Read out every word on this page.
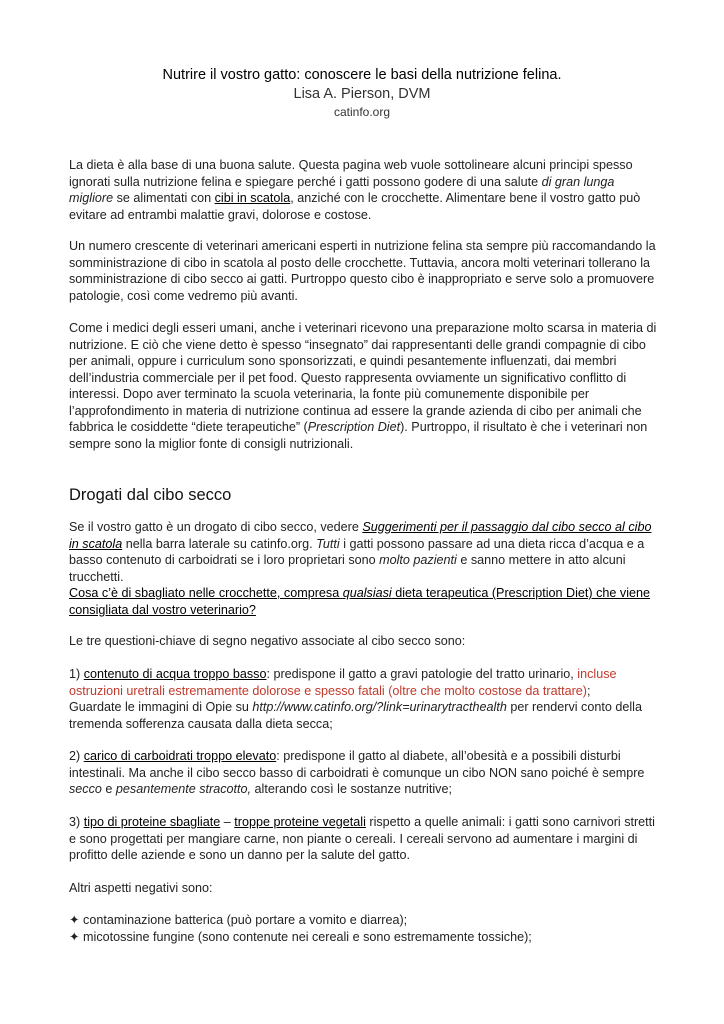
Nutrire il vostro gatto: conoscere le basi della nutrizione felina.
Lisa A. Pierson, DVM
catinfo.org

La dieta è alla base di una buona salute. Questa pagina web vuole sottolineare alcuni principi spesso ignorati sulla nutrizione felina e spiegare perché i gatti possono godere di una salute di gran lunga migliore se alimentati con cibi in scatola, anziché con le crocchette. Alimentare bene il vostro gatto può evitare ad entrambi malattie gravi, dolorose e costose.

Un numero crescente di veterinari americani esperti in nutrizione felina sta sempre più raccomandando la somministrazione di cibo in scatola al posto delle crocchette. Tuttavia, ancora molti veterinari tollerano la somministrazione di cibo secco ai gatti. Purtroppo questo cibo è inappropriato e serve solo a promuovere patologie, così come vedremo più avanti.

Come i medici degli esseri umani, anche i veterinari ricevono una preparazione molto scarsa in materia di nutrizione. E ciò che viene detto è spesso “insegnato” dai rappresentanti delle grandi compagnie di cibo per animali, oppure i curriculum sono sponsorizzati, e quindi pesantemente influenzati, dai membri dell’industria commerciale per il pet food. Questo rappresenta ovviamente un significativo conflitto di interessi. Dopo aver terminato la scuola veterinaria, la fonte più comunemente disponibile per l’approfondimento in materia di nutrizione continua ad essere la grande azienda di cibo per animali che fabbrica le cosiddette “diete terapeutiche” (Prescription Diet). Purtroppo, il risultato è che i veterinari non sempre sono la miglior fonte di consigli nutrizionali.

Drogati dal cibo secco

Se il vostro gatto è un drogato di cibo secco, vedere Suggerimenti per il passaggio dal cibo secco al cibo in scatola nella barra laterale su catinfo.org. Tutti i gatti possono passare ad una dieta ricca d’acqua e a basso contenuto di carboidrati se i loro proprietari sono molto pazienti e sanno mettere in atto alcuni trucchetti.

Cosa c’è di sbagliato nelle crocchette, compresa qualsiasi dieta terapeutica (Prescription Diet) che viene consigliata dal vostro veterinario?

Le tre questioni-chiave di segno negativo associate al cibo secco sono:

1) contenuto di acqua troppo basso: predispone il gatto a gravi patologie del tratto urinario, incluse ostruzioni uretrali estremamente dolorose e spesso fatali (oltre che molto costose da trattare);
Guardate le immagini di Opie su http://www.catinfo.org/?link=urinarytracthealth per rendervi conto della tremenda sofferenza causata dalla dieta secca;

2) carico di carboidrati troppo elevato: predispone il gatto al diabete, all’obesità e a possibili disturbi intestinali. Ma anche il cibo secco basso di carboidrati è comunque un cibo NON sano poiché è sempre secco e pesantemente stracotto, alterando così le sostanze nutritive;

3) tipo di proteine sbagliate – troppe proteine vegetali rispetto a quelle animali: i gatti sono carnivori stretti e sono progettati per mangiare carne, non piante o cereali. I cereali servono ad aumentare i margini di profitto delle aziende e sono un danno per la salute del gatto.

Altri aspetti negativi sono:

✦ contaminazione batterica (può portare a vomito e diarrea);
✦ micotossine fungine (sono contenute nei cereali e sono estremamente tossiche);
